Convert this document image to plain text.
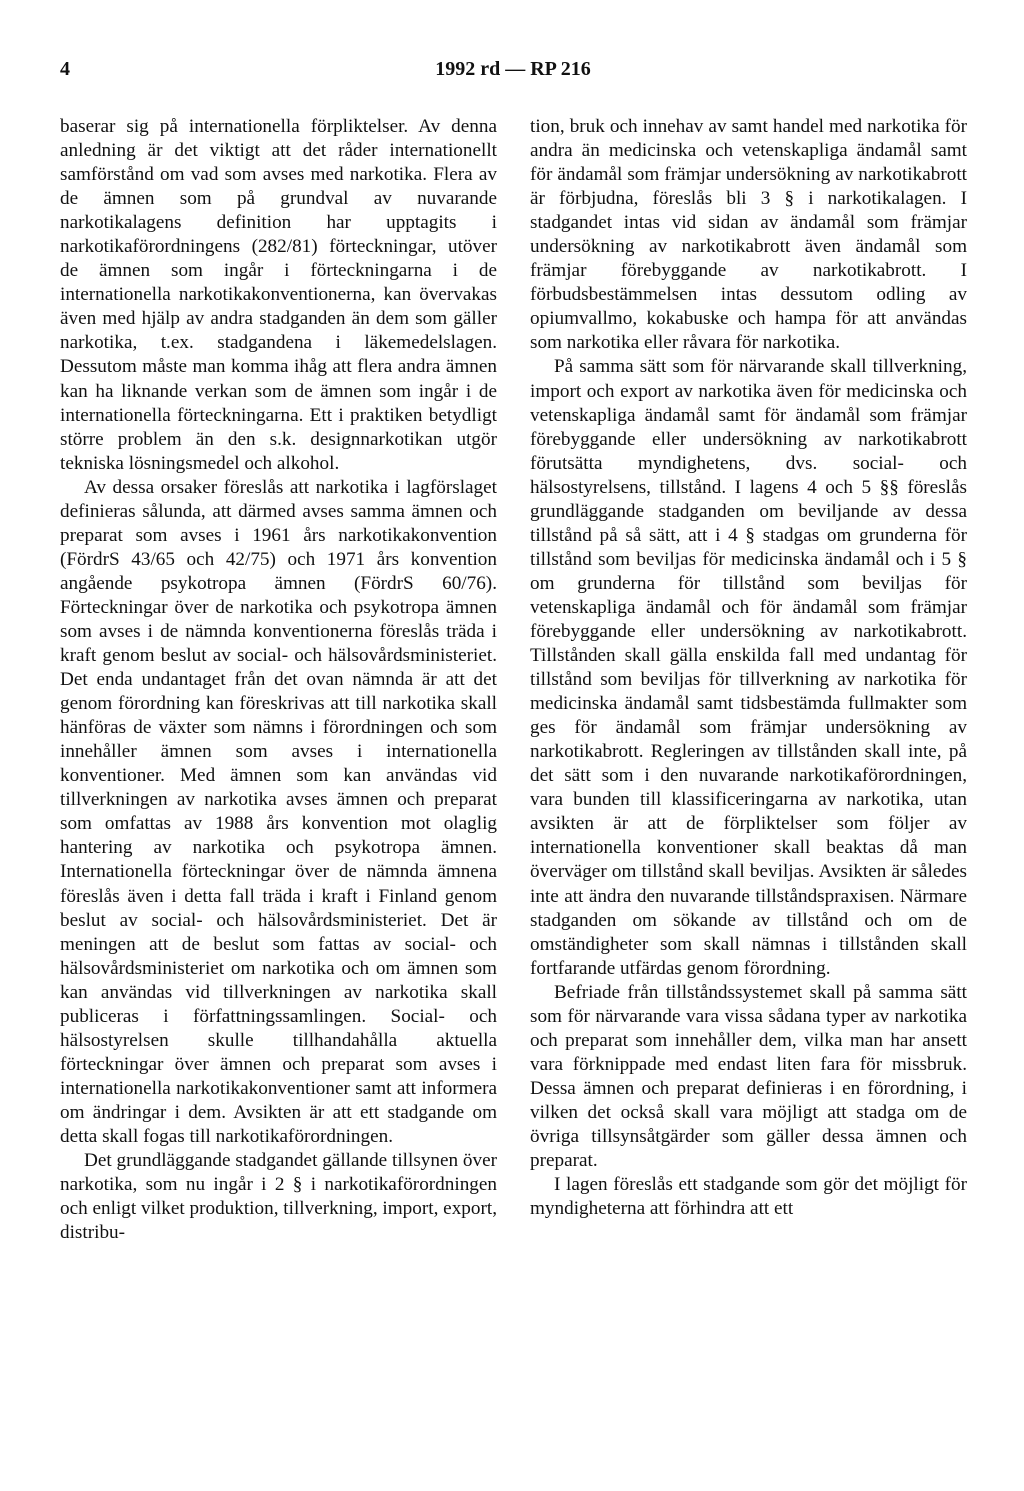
4	1992 rd — RP 216

baserar sig på internationella förpliktelser. Av denna anledning är det viktigt att det råder internationellt samförstånd om vad som avses med narkotika. Flera av de ämnen som på grundval av nuvarande narkotikalagens definition har upptagits i narkotikaförordningens (282/81) förteckningar, utöver de ämnen som ingår i förteckningarna i de internationella narkotikakonventionerna, kan övervakas även med hjälp av andra stadganden än dem som gäller narkotika, t.ex. stadgandena i läkemedelslagen. Dessutom måste man komma ihåg att flera andra ämnen kan ha liknande verkan som de ämnen som ingår i de internationella förteckningarna. Ett i praktiken betydligt större problem än den s.k. designnarkotikan utgör tekniska lösningsmedel och alkohol.

Av dessa orsaker föreslås att narkotika i lagförslaget definieras sålunda, att därmed avses samma ämnen och preparat som avses i 1961 års narkotikakonvention (FördrS 43/65 och 42/75) och 1971 års konvention angående psykotropa ämnen (FördrS 60/76). Förteckningar över de narkotika och psykotropa ämnen som avses i de nämnda konventionerna föreslås träda i kraft genom beslut av social- och hälsovårdsministeriet. Det enda undantaget från det ovan nämnda är att det genom förordning kan föreskrivas att till narkotika skall hänföras de växter som nämns i förordningen och som innehåller ämnen som avses i internationella konventioner. Med ämnen som kan användas vid tillverkningen av narkotika avses ämnen och preparat som omfattas av 1988 års konvention mot olaglig hantering av narkotika och psykotropa ämnen. Internationella förteckningar över de nämnda ämnena föreslås även i detta fall träda i kraft i Finland genom beslut av social- och hälsovårdsministeriet. Det är meningen att de beslut som fattas av social- och hälsovårdsministeriet om narkotika och om ämnen som kan användas vid tillverkningen av narkotika skall publiceras i författningssamlingen. Social- och hälsostyrelsen skulle tillhandahålla aktuella förteckningar över ämnen och preparat som avses i internationella narkotikakonventioner samt att informera om ändringar i dem. Avsikten är att ett stadgande om detta skall fogas till narkotikaförordningen.

Det grundläggande stadgandet gällande tillsynen över narkotika, som nu ingår i 2 § i narkotikaförordningen och enligt vilket produktion, tillverkning, import, export, distribu-

tion, bruk och innehav av samt handel med narkotika för andra än medicinska och vetenskapliga ändamål samt för ändamål som främjar undersökning av narkotikabrott är förbjudna, föreslås bli 3 § i narkotikalagen. I stadgandet intas vid sidan av ändamål som främjar undersökning av narkotikabrott även ändamål som främjar förebyggande av narkotikabrott. I förbudsbestämmelsen intas dessutom odling av opiumvallmo, kokabuske och hampa för att användas som narkotika eller råvara för narkotika.

På samma sätt som för närvarande skall tillverkning, import och export av narkotika även för medicinska och vetenskapliga ändamål samt för ändamål som främjar förebyggande eller undersökning av narkotikabrott förutsätta myndighetens, dvs. social- och hälsostyrelsens, tillstånd. I lagens 4 och 5 §§ föreslås grundläggande stadganden om beviljande av dessa tillstånd på så sätt, att i 4 § stadgas om grunderna för tillstånd som beviljas för medicinska ändamål och i 5 § om grunderna för tillstånd som beviljas för vetenskapliga ändamål och för ändamål som främjar förebyggande eller undersökning av narkotikabrott. Tillstånden skall gälla enskilda fall med undantag för tillstånd som beviljas för tillverkning av narkotika för medicinska ändamål samt tidsbestämda fullmakter som ges för ändamål som främjar undersökning av narkotikabrott. Regleringen av tillstånden skall inte, på det sätt som i den nuvarande narkotikaförordningen, vara bunden till klassificeringarna av narkotika, utan avsikten är att de förpliktelser som följer av internationella konventioner skall beaktas då man överväger om tillstånd skall beviljas. Avsikten är således inte att ändra den nuvarande tillståndspraxisen. Närmare stadganden om sökande av tillstånd och om de omständigheter som skall nämnas i tillstånden skall fortfarande utfärdas genom förordning.

Befriade från tillståndssystemet skall på samma sätt som för närvarande vara vissa sådana typer av narkotika och preparat som innehåller dem, vilka man har ansett vara förknippade med endast liten fara för missbruk. Dessa ämnen och preparat definieras i en förordning, i vilken det också skall vara möjligt att stadga om de övriga tillsynsåtgärder som gäller dessa ämnen och preparat.

I lagen föreslås ett stadgande som gör det möjligt för myndigheterna att förhindra att ett
